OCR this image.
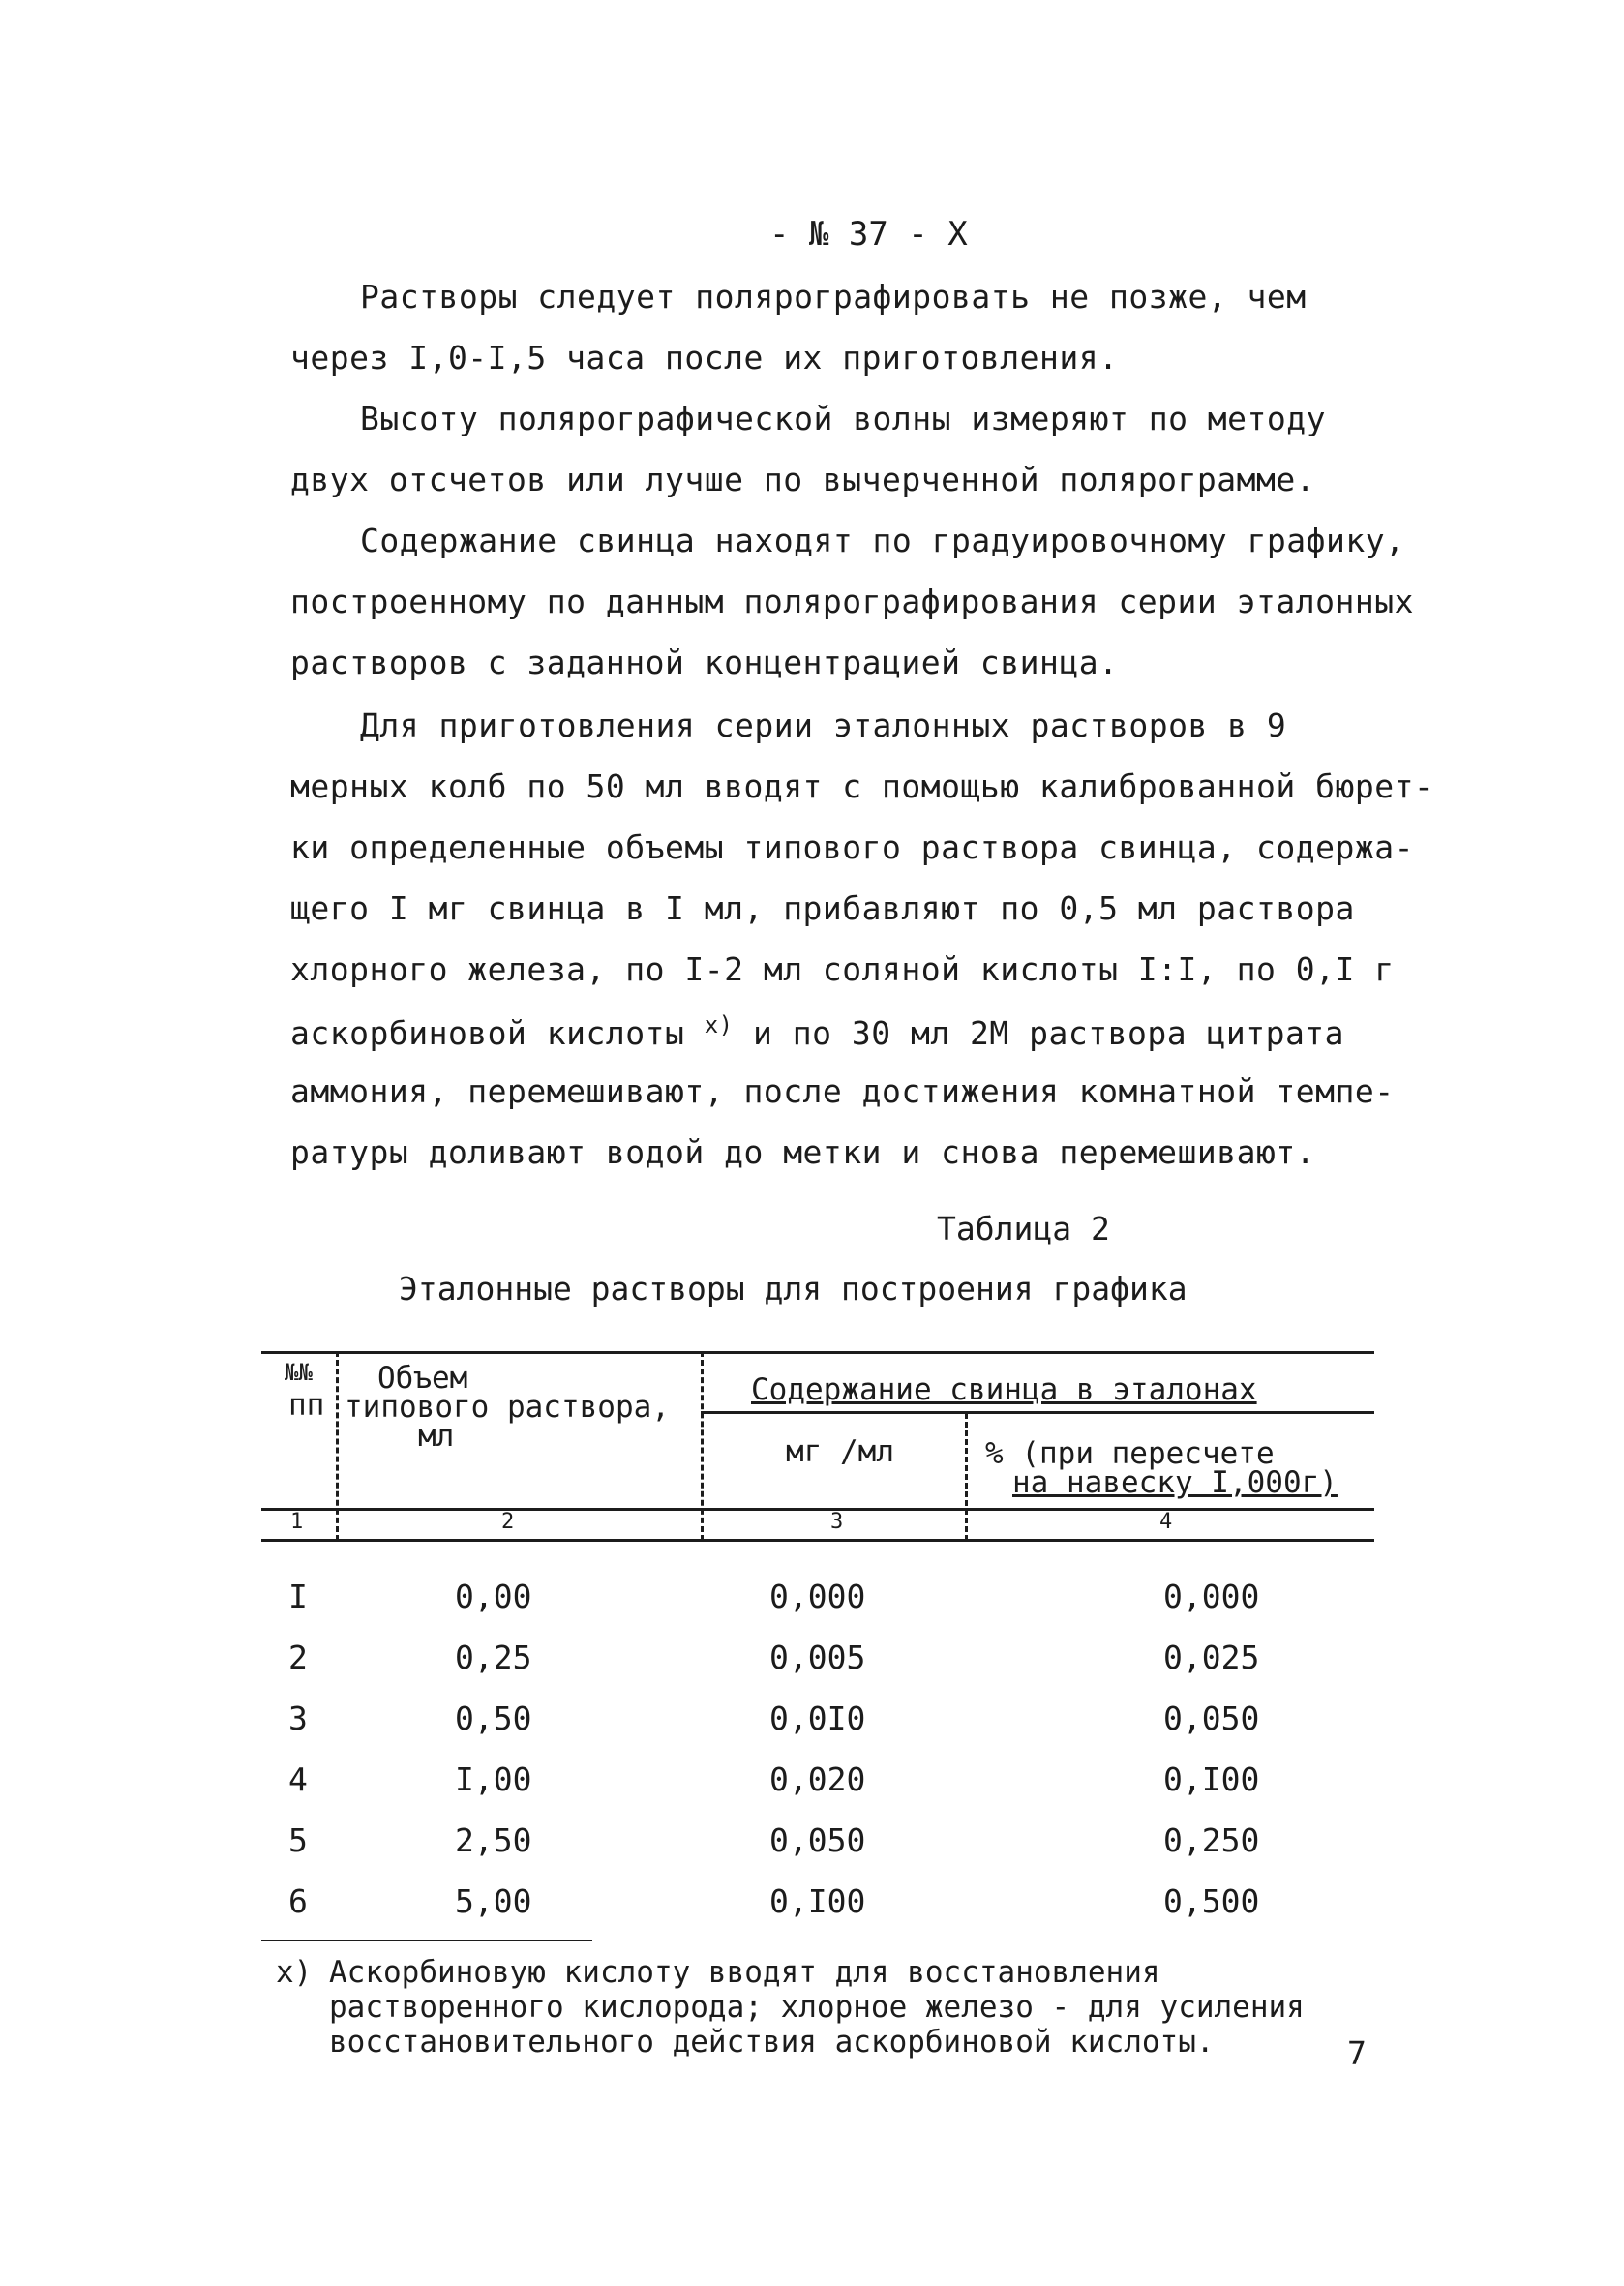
- № 37 - X
Растворы следует полярографировать не позже, чем
через I,0-I,5 часа после их приготовления.
Высоту полярографической волны измеряют по методу
двух отсчетов или лучше по вычерченной полярограмме.
Содержание свинца находят по градуировочному графику,
построенному по данным полярографирования серии эталонных
растворов с заданной концентрацией свинца.
Для приготовления серии эталонных растворов в 9
мерных колб по 50 мл вводят с помощью калиброванной бюрет-
ки определенные объемы типового раствора свинца, содержа-
щего I мг свинца в I мл, прибавляют по 0,5 мл раствора
хлорного железа, по I-2 мл соляной кислоты I:I, по 0,I г
аскорбиновой кислоты $^{x)}$ и по 30 мл 2М раствора цитрата
аммония, перемешивают, после достижения комнатной темпе-
ратуры доливают водой до метки и снова перемешивают.
Таблица 2
Эталонные растворы для построения графика
№№
пп
Объем
типового раствора,
мл
Содержание свинца в эталонах
мг /мл	% (при пересчете
на навеску I,000г)
1	2	3	4
I	0,00	0,000	0,000
2	0,25	0,005	0,025
3	0,50	0,0I0	0,050
4	I,00	0,020	0,I00
5	2,50	0,050	0,250
6	5,00	0,I00	0,500
x) Аскорбиновую кислоту вводят для восстановления
растворенного кислорода; хлорное железо - для усиления
восстановительного действия аскорбиновой кислоты.	7
